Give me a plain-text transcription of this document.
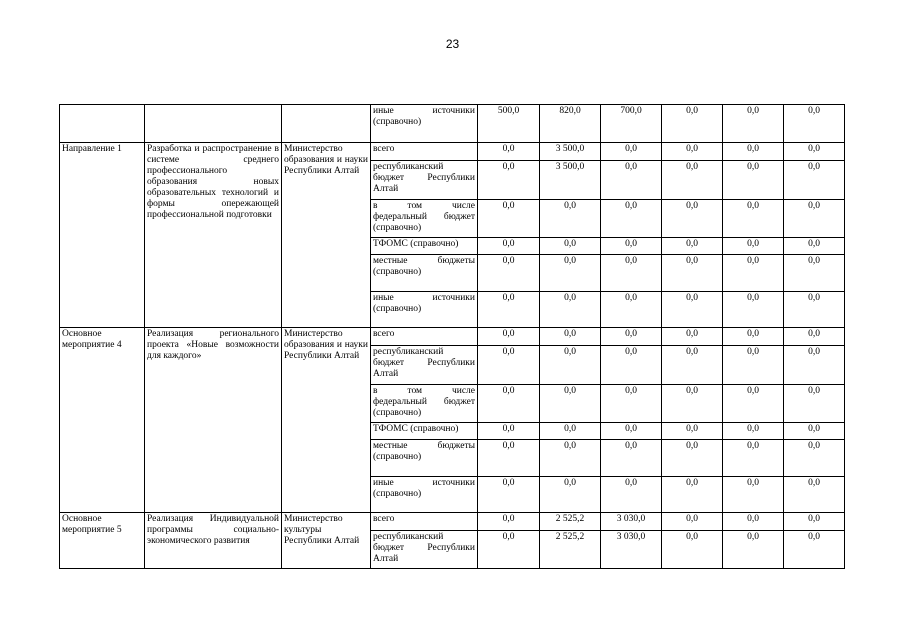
23
			иные источники (справочно)	500,0	820,0	700,0	0,0	0,0	0,0
Направление 1	Разработка и распространение в системе среднего профессионального образования новых образовательных технологий и формы опережающей профессиональной подготовки	Министерство образования и науки Республики Алтай	всего	0,0	3 500,0	0,0	0,0	0,0	0,0
			республиканский бюджет Республики Алтай	0,0	3 500,0	0,0	0,0	0,0	0,0
			в том числе федеральный бюджет (справочно)	0,0	0,0	0,0	0,0	0,0	0,0
			ТФОМС (справочно)	0,0	0,0	0,0	0,0	0,0	0,0
			местные бюджеты (справочно)	0,0	0,0	0,0	0,0	0,0	0,0
			иные источники (справочно)	0,0	0,0	0,0	0,0	0,0	0,0
Основное мероприятие 4	Реализация регионального проекта «Новые возможности для каждого»	Министерство образования и науки Республики Алтай	всего	0,0	0,0	0,0	0,0	0,0	0,0
			республиканский бюджет Республики Алтай	0,0	0,0	0,0	0,0	0,0	0,0
			в том числе федеральный бюджет (справочно)	0,0	0,0	0,0	0,0	0,0	0,0
			ТФОМС (справочно)	0,0	0,0	0,0	0,0	0,0	0,0
			местные бюджеты (справочно)	0,0	0,0	0,0	0,0	0,0	0,0
			иные источники (справочно)	0,0	0,0	0,0	0,0	0,0	0,0
Основное мероприятие 5	Реализация Индивидуальной программы социально-экономического развития	Министерство культуры Республики Алтай	всего	0,0	2 525,2	3 030,0	0,0	0,0	0,0
			республиканский бюджет Республики Алтай	0,0	2 525,2	3 030,0	0,0	0,0	0,0
